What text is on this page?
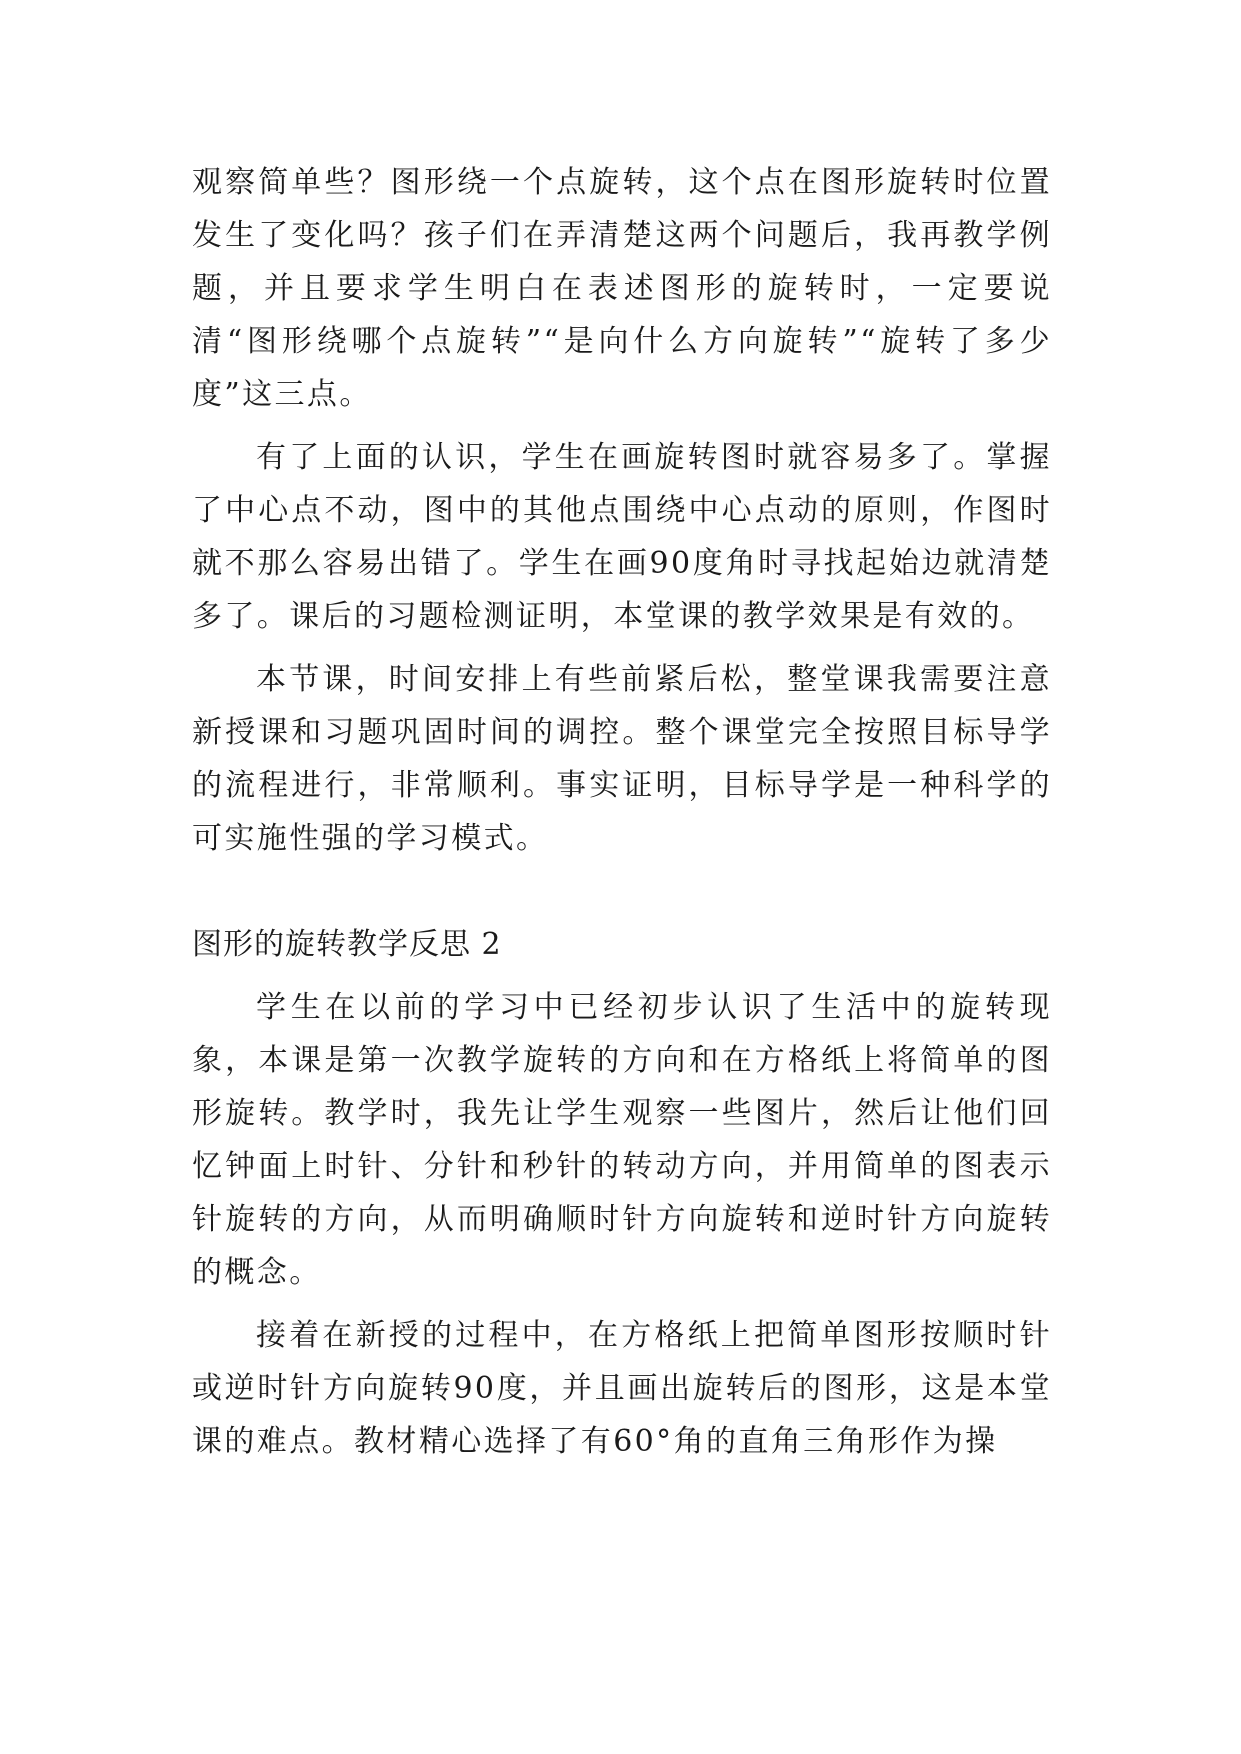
观察简单些？图形绕一个点旋转，这个点在图形旋转时位置发生了变化吗？孩子们在弄清楚这两个问题后，我再教学例题，并且要求学生明白在表述图形的旋转时，一定要说清“图形绕哪个点旋转”“是向什么方向旋转”“旋转了多少度”这三点。

有了上面的认识，学生在画旋转图时就容易多了。掌握了中心点不动，图中的其他点围绕中心点动的原则，作图时就不那么容易出错了。学生在画90度角时寻找起始边就清楚多了。课后的习题检测证明，本堂课的教学效果是有效的。

本节课，时间安排上有些前紧后松，整堂课我需要注意新授课和习题巩固时间的调控。整个课堂完全按照目标导学的流程进行，非常顺利。事实证明，目标导学是一种科学的可实施性强的学习模式。

图形的旋转教学反思 2

学生在以前的学习中已经初步认识了生活中的旋转现象，本课是第一次教学旋转的方向和在方格纸上将简单的图形旋转。教学时，我先让学生观察一些图片，然后让他们回忆钟面上时针、分针和秒针的转动方向，并用简单的图表示针旋转的方向，从而明确顺时针方向旋转和逆时针方向旋转的概念。

接着在新授的过程中，在方格纸上把简单图形按顺时针或逆时针方向旋转90度，并且画出旋转后的图形，这是本堂课的难点。教材精心选择了有60°角的直角三角形作为操
